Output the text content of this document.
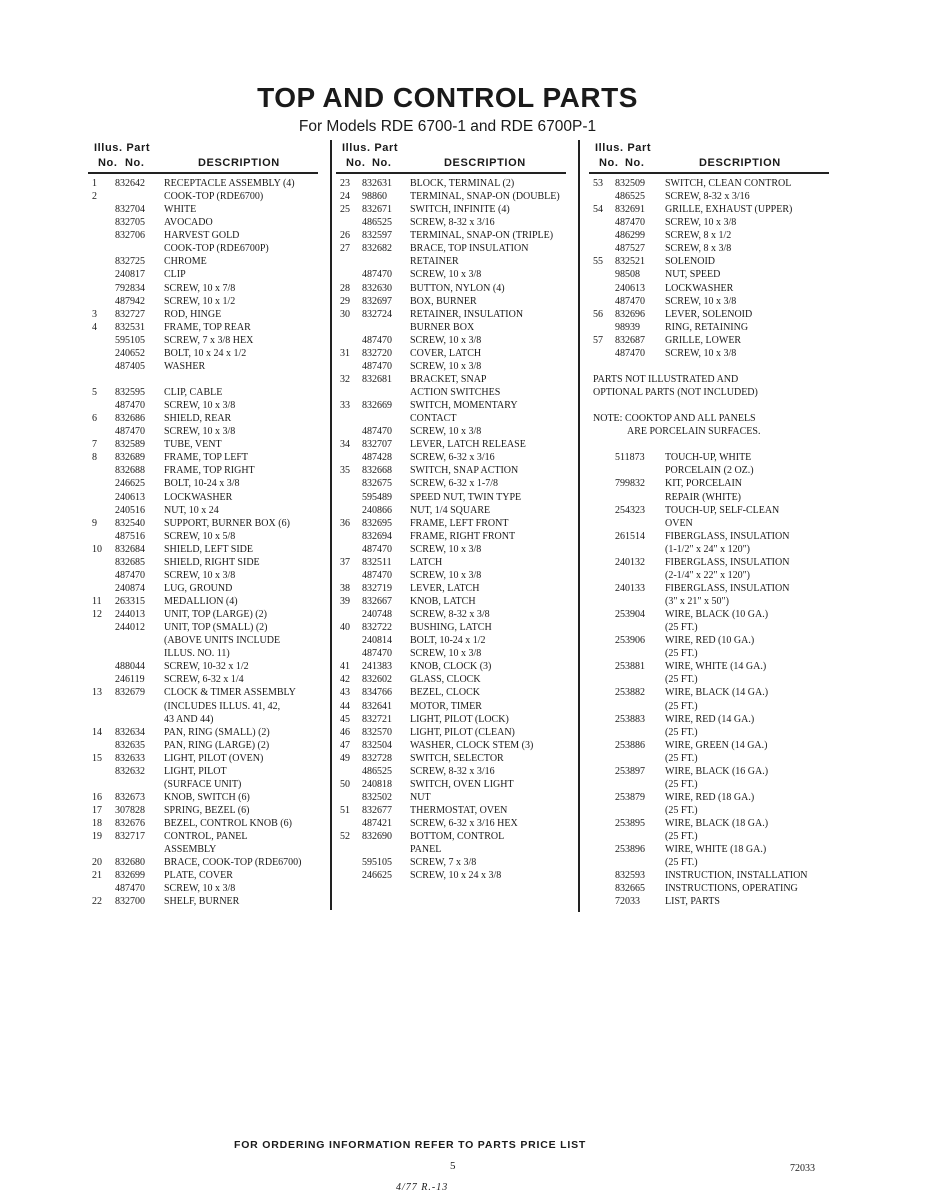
TOP AND CONTROL PARTS
For Models RDE 6700-1 and RDE 6700P-1
Illus. Part
No. No.	DESCRIPTION
1 832642 RECEPTACLE ASSEMBLY (4)
2	COOK-TOP (RDE6700)
832704 WHITE
832705 AVOCADO
832706 HARVEST GOLD
COOK-TOP (RDE6700P)
832725 CHROME
240817 CLIP
792834 SCREW, 10 x 7/8
487942 SCREW, 10 x 1/2
3 832727 ROD, HINGE
4 832531 FRAME, TOP REAR
595105 SCREW, 7 x 3/8 HEX
240652 BOLT, 10 x 24 x 1/2
487405 WASHER
5 832595 CLIP, CABLE
487470 SCREW, 10 x 3/8
6 832686 SHIELD, REAR
487470 SCREW, 10 x 3/8
7 832589 TUBE, VENT
8 832689 FRAME, TOP LEFT
832688 FRAME, TOP RIGHT
246625 BOLT, 10-24 x 3/8
240613 LOCKWASHER
240516 NUT, 10 x 24
9 832540 SUPPORT, BURNER BOX (6)
487516 SCREW, 10 x 5/8
10 832684 SHIELD, LEFT SIDE
832685 SHIELD, RIGHT SIDE
487470 SCREW, 10 x 3/8
240874 LUG, GROUND
11 263315 MEDALLION (4)
12 244013 UNIT, TOP (LARGE) (2)
244012 UNIT, TOP (SMALL) (2)
(ABOVE UNITS INCLUDE
ILLUS. NO. 11)
488044 SCREW, 10-32 x 1/2
246119 SCREW, 6-32 x 1/4
13 832679 CLOCK & TIMER ASSEMBLY
(INCLUDES ILLUS. 41, 42,
43 AND 44)
14 832634 PAN, RING (SMALL) (2)
832635 PAN, RING (LARGE) (2)
15 832633 LIGHT, PILOT (OVEN)
832632 LIGHT, PILOT
(SURFACE UNIT)
16 832673 KNOB, SWITCH (6)
17 307828 SPRING, BEZEL (6)
18 832676 BEZEL, CONTROL KNOB (6)
19 832717 CONTROL, PANEL
ASSEMBLY
20 832680 BRACE, COOK-TOP (RDE6700)
21 832699 PLATE, COVER
487470 SCREW, 10 x 3/8
22 832700 SHELF, BURNER
Illus. Part
No. No.	DESCRIPTION
23 832631 BLOCK, TERMINAL (2)
24 98860 TERMINAL, SNAP-ON (DOUBLE)
25 832671 SWITCH, INFINITE (4)
486525 SCREW, 8-32 x 3/16
26 832597 TERMINAL, SNAP-ON (TRIPLE)
27 832682 BRACE, TOP INSULATION
RETAINER
487470 SCREW, 10 x 3/8
28 832630 BUTTON, NYLON (4)
29 832697 BOX, BURNER
30 832724 RETAINER, INSULATION
BURNER BOX
487470 SCREW, 10 x 3/8
31 832720 COVER, LATCH
487470 SCREW, 10 x 3/8
32 832681 BRACKET, SNAP
ACTION SWITCHES
33 832669 SWITCH, MOMENTARY
CONTACT
487470 SCREW, 10 x 3/8
34 832707 LEVER, LATCH RELEASE
487428 SCREW, 6-32 x 3/16
35 832668 SWITCH, SNAP ACTION
832675 SCREW, 6-32 x 1-7/8
595489 SPEED NUT, TWIN TYPE
240866 NUT, 1/4 SQUARE
36 832695 FRAME, LEFT FRONT
832694 FRAME, RIGHT FRONT
487470 SCREW, 10 x 3/8
37 832511 LATCH
487470 SCREW, 10 x 3/8
38 832719 LEVER, LATCH
39 832667 KNOB, LATCH
240748 SCREW, 8-32 x 3/8
40 832722 BUSHING, LATCH
240814 BOLT, 10-24 x 1/2
487470 SCREW, 10 x 3/8
41 241383 KNOB, CLOCK (3)
42 832602 GLASS, CLOCK
43 834766 BEZEL, CLOCK
44 832641 MOTOR, TIMER
45 832721 LIGHT, PILOT (LOCK)
46 832570 LIGHT, PILOT (CLEAN)
47 832504 WASHER, CLOCK STEM (3)
49 832728 SWITCH, SELECTOR
486525 SCREW, 8-32 x 3/16
50 240818 SWITCH, OVEN LIGHT
832502 NUT
51 832677 THERMOSTAT, OVEN
487421 SCREW, 6-32 x 3/16 HEX
52 832690 BOTTOM, CONTROL
PANEL
595105 SCREW, 7 x 3/8
246625 SCREW, 10 x 24 x 3/8
Illus. Part
No. No.	DESCRIPTION
53 832509 SWITCH, CLEAN CONTROL
486525 SCREW, 8-32 x 3/16
54 832691 GRILLE, EXHAUST (UPPER)
487470 SCREW, 10 x 3/8
486299 SCREW, 8 x 1/2
487527 SCREW, 8 x 3/8
55 832521 SOLENOID
98508	NUT, SPEED
240613 LOCKWASHER
487470 SCREW, 10 x 3/8
56 832696 LEVER, SOLENOID
98939	RING, RETAINING
57 832687 GRILLE, LOWER
487470 SCREW, 10 x 3/8
PARTS NOT ILLUSTRATED AND
OPTIONAL PARTS (NOT INCLUDED)
NOTE: COOKTOP AND ALL PANELS
ARE PORCELAIN SURFACES.
511873 TOUCH-UP, WHITE
PORCELAIN (2 OZ.)
799832 KIT, PORCELAIN
REPAIR (WHITE)
254323 TOUCH-UP, SELF-CLEAN
OVEN
261514 FIBERGLASS, INSULATION
(1-1/2" x 24" x 120")
240132 FIBERGLASS, INSULATION
(2-1/4" x 22" x 120")
240133 FIBERGLASS, INSULATION
(3" x 21" x 50")
253904 WIRE, BLACK (10 GA.)
(25 FT.)
253906 WIRE, RED (10 GA.)
(25 FT.)
253881 WIRE, WHITE (14 GA.)
(25 FT.)
253882 WIRE, BLACK (14 GA.)
(25 FT.)
253883 WIRE, RED (14 GA.)
(25 FT.)
253886 WIRE, GREEN (14 GA.)
(25 FT.)
253897 WIRE, BLACK (16 GA.)
(25 FT.)
253879 WIRE, RED (18 GA.)
(25 FT.)
253895 WIRE, BLACK (18 GA.)
(25 FT.)
253896 WIRE, WHITE (18 GA.)
(25 FT.)
832593 INSTRUCTION, INSTALLATION
832665 INSTRUCTIONS, OPERATING
72033	LIST, PARTS
FOR ORDERING INFORMATION REFER TO PARTS PRICE LIST
5	72033
4/77 R.-13
